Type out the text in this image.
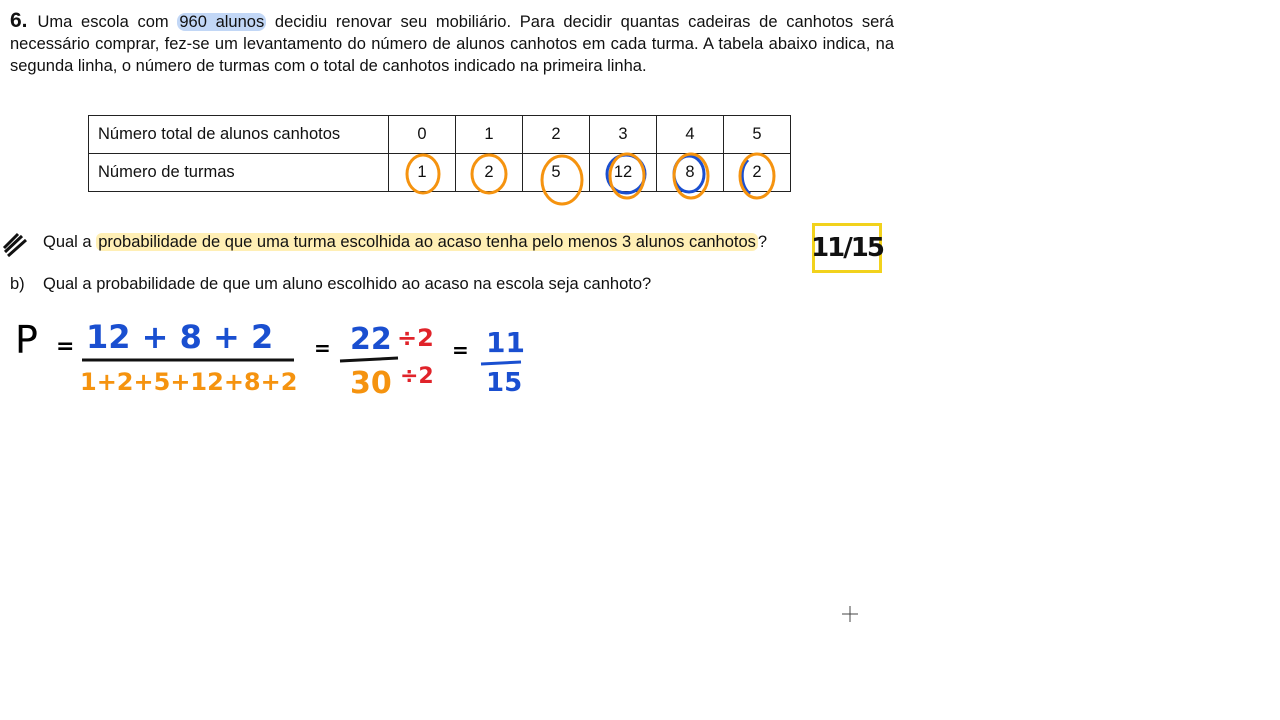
6. Uma escola com 960 alunos decidiu renovar seu mobiliário. Para decidir quantas cadeiras de canhotos será necessário comprar, fez-se um levantamento do número de alunos canhotos em cada turma. A tabela abaixo indica, na segunda linha, o número de turmas com o total de canhotos indicado na primeira linha.
Número total de alunos canhotos	0	1	2	3	4	5
Número de turmas	1	2	5	12	8	2
Qual a probabilidade de que uma turma escolhida ao acaso tenha pelo menos 3 alunos canhotos ? 11/15
b) Qual a probabilidade de que um aluno escolhido ao acaso na escola seja canhoto?
P = 12 + 8 + 2
1+2+5+12+8+2
= 22 ÷2
30 ÷2
= 11
15
